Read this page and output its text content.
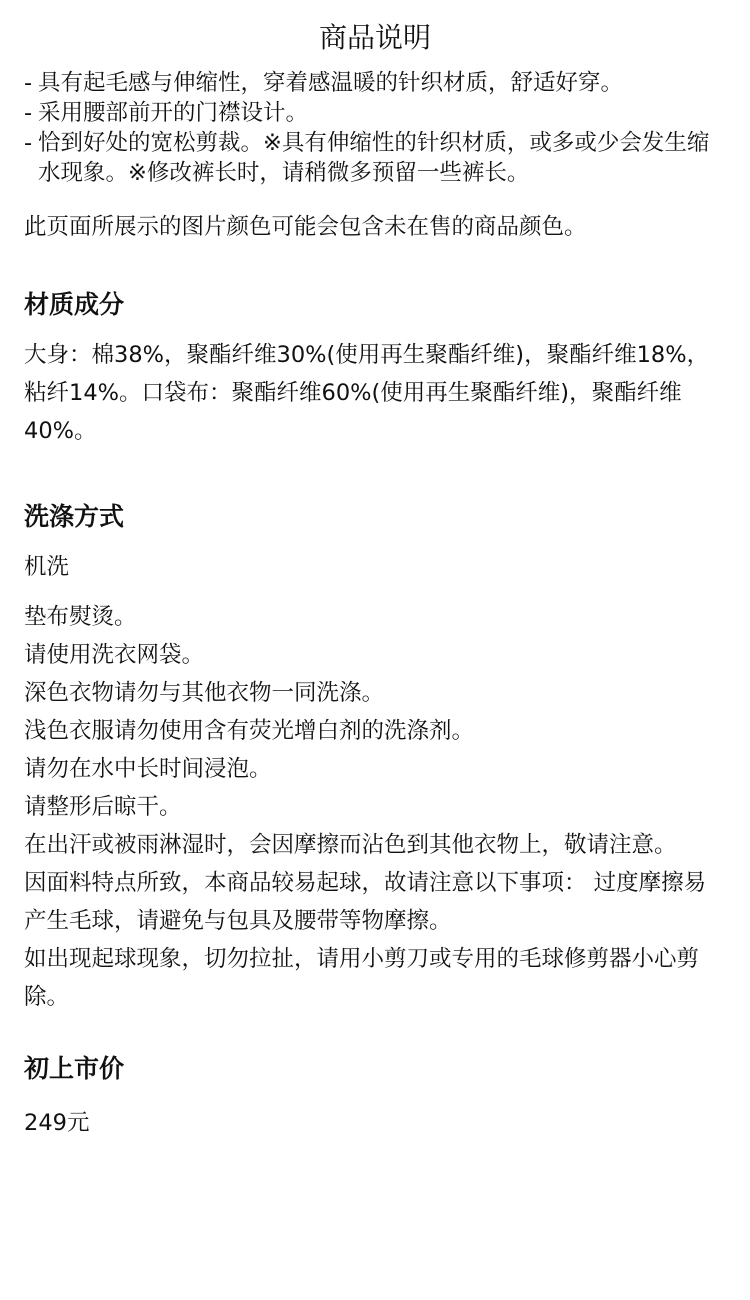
商品说明
- 具有起毛感与伸缩性，穿着感温暖的针织材质，舒适好穿。
- 采用腰部前开的门襟设计。
- 恰到好处的宽松剪裁。※具有伸缩性的针织材质，或多或少会发生缩水现象。※修改裤长时，请稍微多预留一些裤长。

此页面所展示的图片颜色可能会包含未在售的商品颜色。

材质成分

大身：棉38%，聚酯纤维30%(使用再生聚酯纤维)，聚酯纤维18%，粘纤14%。口袋布：聚酯纤维60%(使用再生聚酯纤维)，聚酯纤维40%。

洗涤方式

机洗

垫布熨烫。
请使用洗衣网袋。
深色衣物请勿与其他衣物一同洗涤。
浅色衣服请勿使用含有荧光增白剂的洗涤剂。
请勿在水中长时间浸泡。
请整形后晾干。
在出汗或被雨淋湿时，会因摩擦而沾色到其他衣物上，敬请注意。
因面料特点所致，本商品较易起球，故请注意以下事项： 过度摩擦易产生毛球，请避免与包具及腰带等物摩擦。
如出现起球现象，切勿拉扯，请用小剪刀或专用的毛球修剪器小心剪除。
初上市价

249元
